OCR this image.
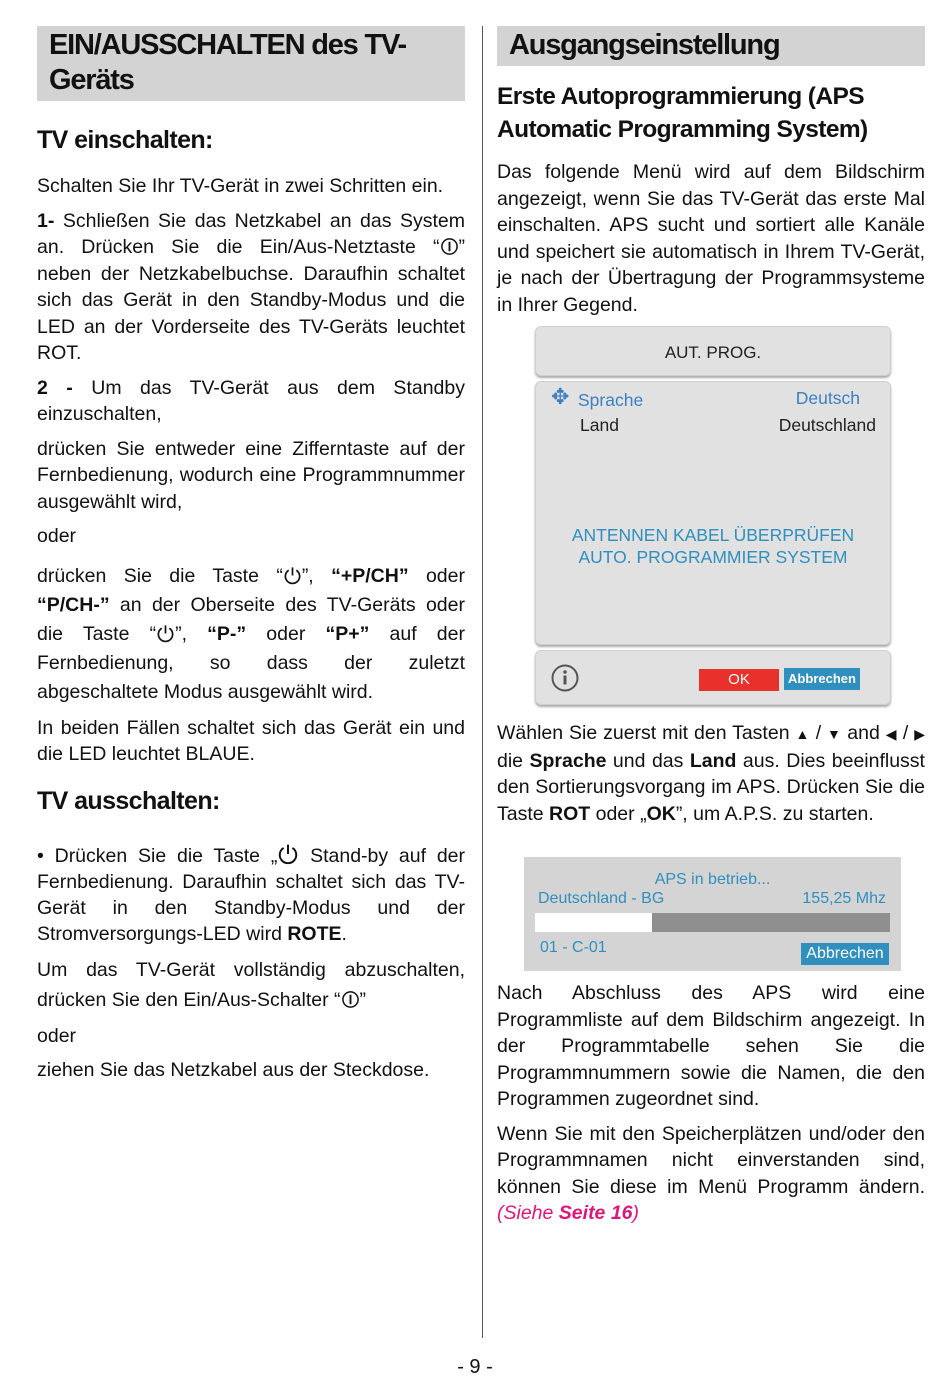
EIN/AUSSCHALTEN des TV-Geräts
TV einschalten:

Schalten Sie Ihr TV-Gerät in zwei Schritten ein.

1- Schließen Sie das Netzkabel an das System an. Drücken Sie die Ein/Aus-Netztaste “ ” neben der Netzkabelbuchse. Daraufhin schaltet sich das Gerät in den Standby-Modus und die LED an der Vorderseite des TV-Geräts leuchtet ROT.

2 - Um das TV-Gerät aus dem Standby einzuschalten,

drücken Sie entweder eine Zifferntaste auf der Fernbedienung, wodurch eine Programmnummer ausgewählt wird,

oder

drücken Sie die Taste “ ”, “+P/CH” oder “P/CH-” an der Oberseite des TV-Geräts oder die Taste “ ”, “P-” oder “P+” auf der Fernbedienung, so dass der zuletzt abgeschaltete Modus ausgewählt wird.

In beiden Fällen schaltet sich das Gerät ein und die LED leuchtet BLAUE.

TV ausschalten:

• Drücken Sie die Taste „ Stand-by auf der Fernbedienung. Daraufhin schaltet sich das TV-Gerät in den Standby-Modus und der Stromversorgungs-LED wird ROTE.

Um das TV-Gerät vollständig abzuschalten, drücken Sie den Ein/Aus-Schalter “ ”

oder

ziehen Sie das Netzkabel aus der Steckdose.

Ausgangseinstellung
Erste Autoprogrammierung (APS Automatic Programming System)

Das folgende Menü wird auf dem Bildschirm angezeigt, wenn Sie das TV-Gerät das erste Mal einschalten. APS sucht und sortiert alle Kanäle und speichert sie automatisch in Ihrem TV-Gerät, je nach der Übertragung der Programmsysteme in Ihrer Gegend.

AUT. PROG.
✥ Sprache	Deutsch
Land	Deutschland
ANTENNEN KABEL ÜBERPRÜFEN
AUTO. PROGRAMMIER SYSTEM
OK	Abbrechen

Wählen Sie zuerst mit den Tasten ▲ / ▼ and ◀ / ▶ die Sprache und das Land aus. Dies beeinflusst den Sortierungsvorgang im APS. Drücken Sie die Taste ROT oder „OK”, um A.P.S. zu starten.

APS in betrieb...
Deutschland - BG	155,25 Mhz
01 - C-01	Abbrechen

Nach Abschluss des APS wird eine Programmliste auf dem Bildschirm angezeigt. In der Programmtabelle sehen Sie die Programmnummern sowie die Namen, die den Programmen zugeordnet sind.

Wenn Sie mit den Speicherplätzen und/oder den Programmnamen nicht einverstanden sind, können Sie diese im Menü Programm ändern. (Siehe Seite 16)

- 9 -
